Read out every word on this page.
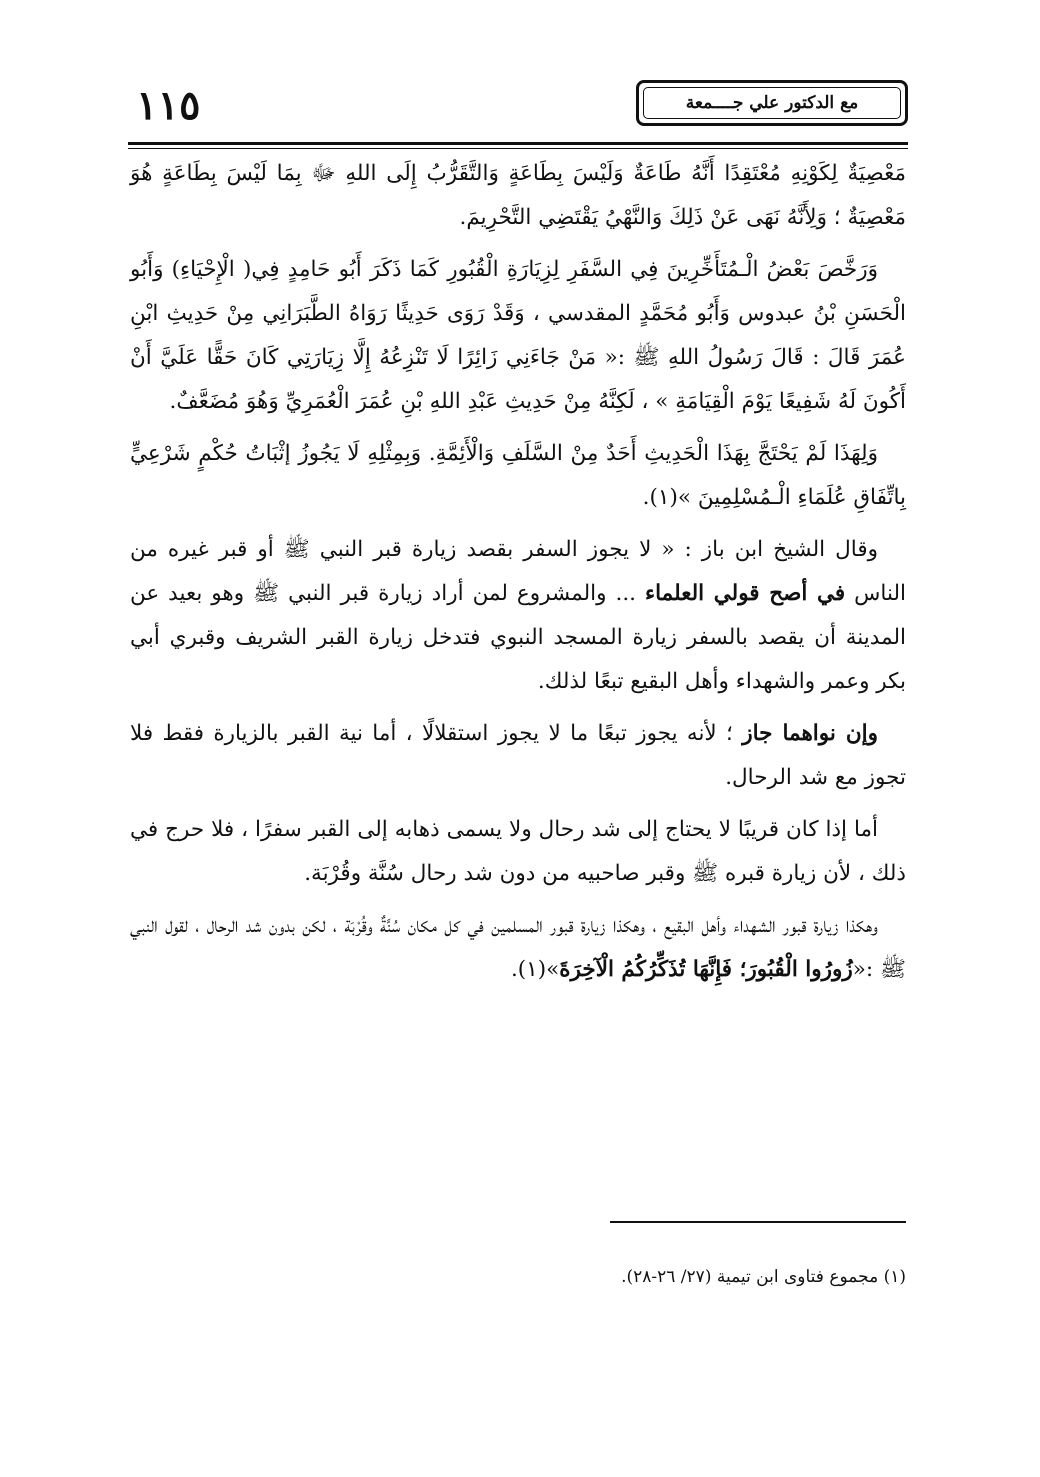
١١٥	مع الدكتور علي جــــمعة

مَعْصِيَةٌ لِكَوْنِهِ مُعْتَقِدًا أَنَّهُ طَاعَةٌ وَلَيْسَ بِطَاعَةٍ وَالتَّقَرُّبُ إِلَى اللهِ ﷻ بِمَا لَيْسَ بِطَاعَةٍ هُوَ مَعْصِيَةٌ ؛ وَلِأَنَّهُ نَهَى عَنْ ذَلِكَ وَالنَّهْيُ يَقْتَضِي التَّحْرِيمَ.

وَرَخَّصَ بَعْضُ الْـمُتَأَخِّرِينَ فِي السَّفَرِ لِزِيَارَةِ الْقُبُورِ كَمَا ذَكَرَ أَبُو حَامِدٍ فِي( الْإِحْيَاءِ) وَأَبُو الْحَسَنِ بْنُ عبدوس وَأَبُو مُحَمَّدٍ المقدسي ، وَقَدْ رَوَى حَدِيثًا رَوَاهُ الطَّبَرَانِي مِنْ حَدِيثِ ابْنِ عُمَرَ قَالَ : قَالَ رَسُولُ اللهِ ﷺ :« مَنْ جَاءَنِي زَائِرًا لَا تَنْزِعُهُ إِلَّا زِيَارَتِي كَانَ حَقًّا عَلَيَّ أَنْ أَكُونَ لَهُ شَفِيعًا يَوْمَ الْقِيَامَةِ » ، لَكِنَّهُ مِنْ حَدِيثِ عَبْدِ اللهِ بْنِ عُمَرَ الْعُمَرِيِّ وَهُوَ مُضَعَّفٌ.

وَلِهَذَا لَمْ يَحْتَجَّ بِهَذَا الْحَدِيثِ أَحَدٌ مِنْ السَّلَفِ وَالْأَئِمَّةِ. وَبِمِثْلِهِ لَا يَجُوزُ إثْبَاتُ حُكْمٍ شَرْعِيٍّ بِاتِّفَاقِ عُلَمَاءِ الْـمُسْلِمِينَ »(١).

وقال الشيخ ابن باز : « لا يجوز السفر بقصد زيارة قبر النبي ﷺ أو قبر غيره من الناس في أصح قولي العلماء ... والمشروع لمن أراد زيارة قبر النبي ﷺ وهو بعيد عن المدينة أن يقصد بالسفر زيارة المسجد النبوي فتدخل زيارة القبر الشريف وقبري أبي بكر وعمر والشهداء وأهل البقيع تبعًا لذلك.

وإن نواهما جاز ؛ لأنه يجوز تبعًا ما لا يجوز استقلالًا ، أما نية القبر بالزيارة فقط فلا تجوز مع شد الرحال.

أما إذا كان قريبًا لا يحتاج إلى شد رحال ولا يسمى ذهابه إلى القبر سفرًا ، فلا حرج في ذلك ، لأن زيارة قبره ﷺ وقبر صاحبيه من دون شد رحال سُنَّة وقُرْبَة.

وهكذا زيارة قبور الشهداء وأهل البقيع ، وهكذا زيارة قبور المسلمين في كل مكان سُنَّةٌ وقُرْبَة ، لكن بدون شد الرحال ، لقول النبي ﷺ :«زُورُوا الْقُبُورَ؛ فَإِنَّهَا تُذَكِّرُكُمُ الْآخِرَةَ»(١).

(١) مجموع فتاوى ابن تيمية (٢٧/ ٢٦-٢٨).
